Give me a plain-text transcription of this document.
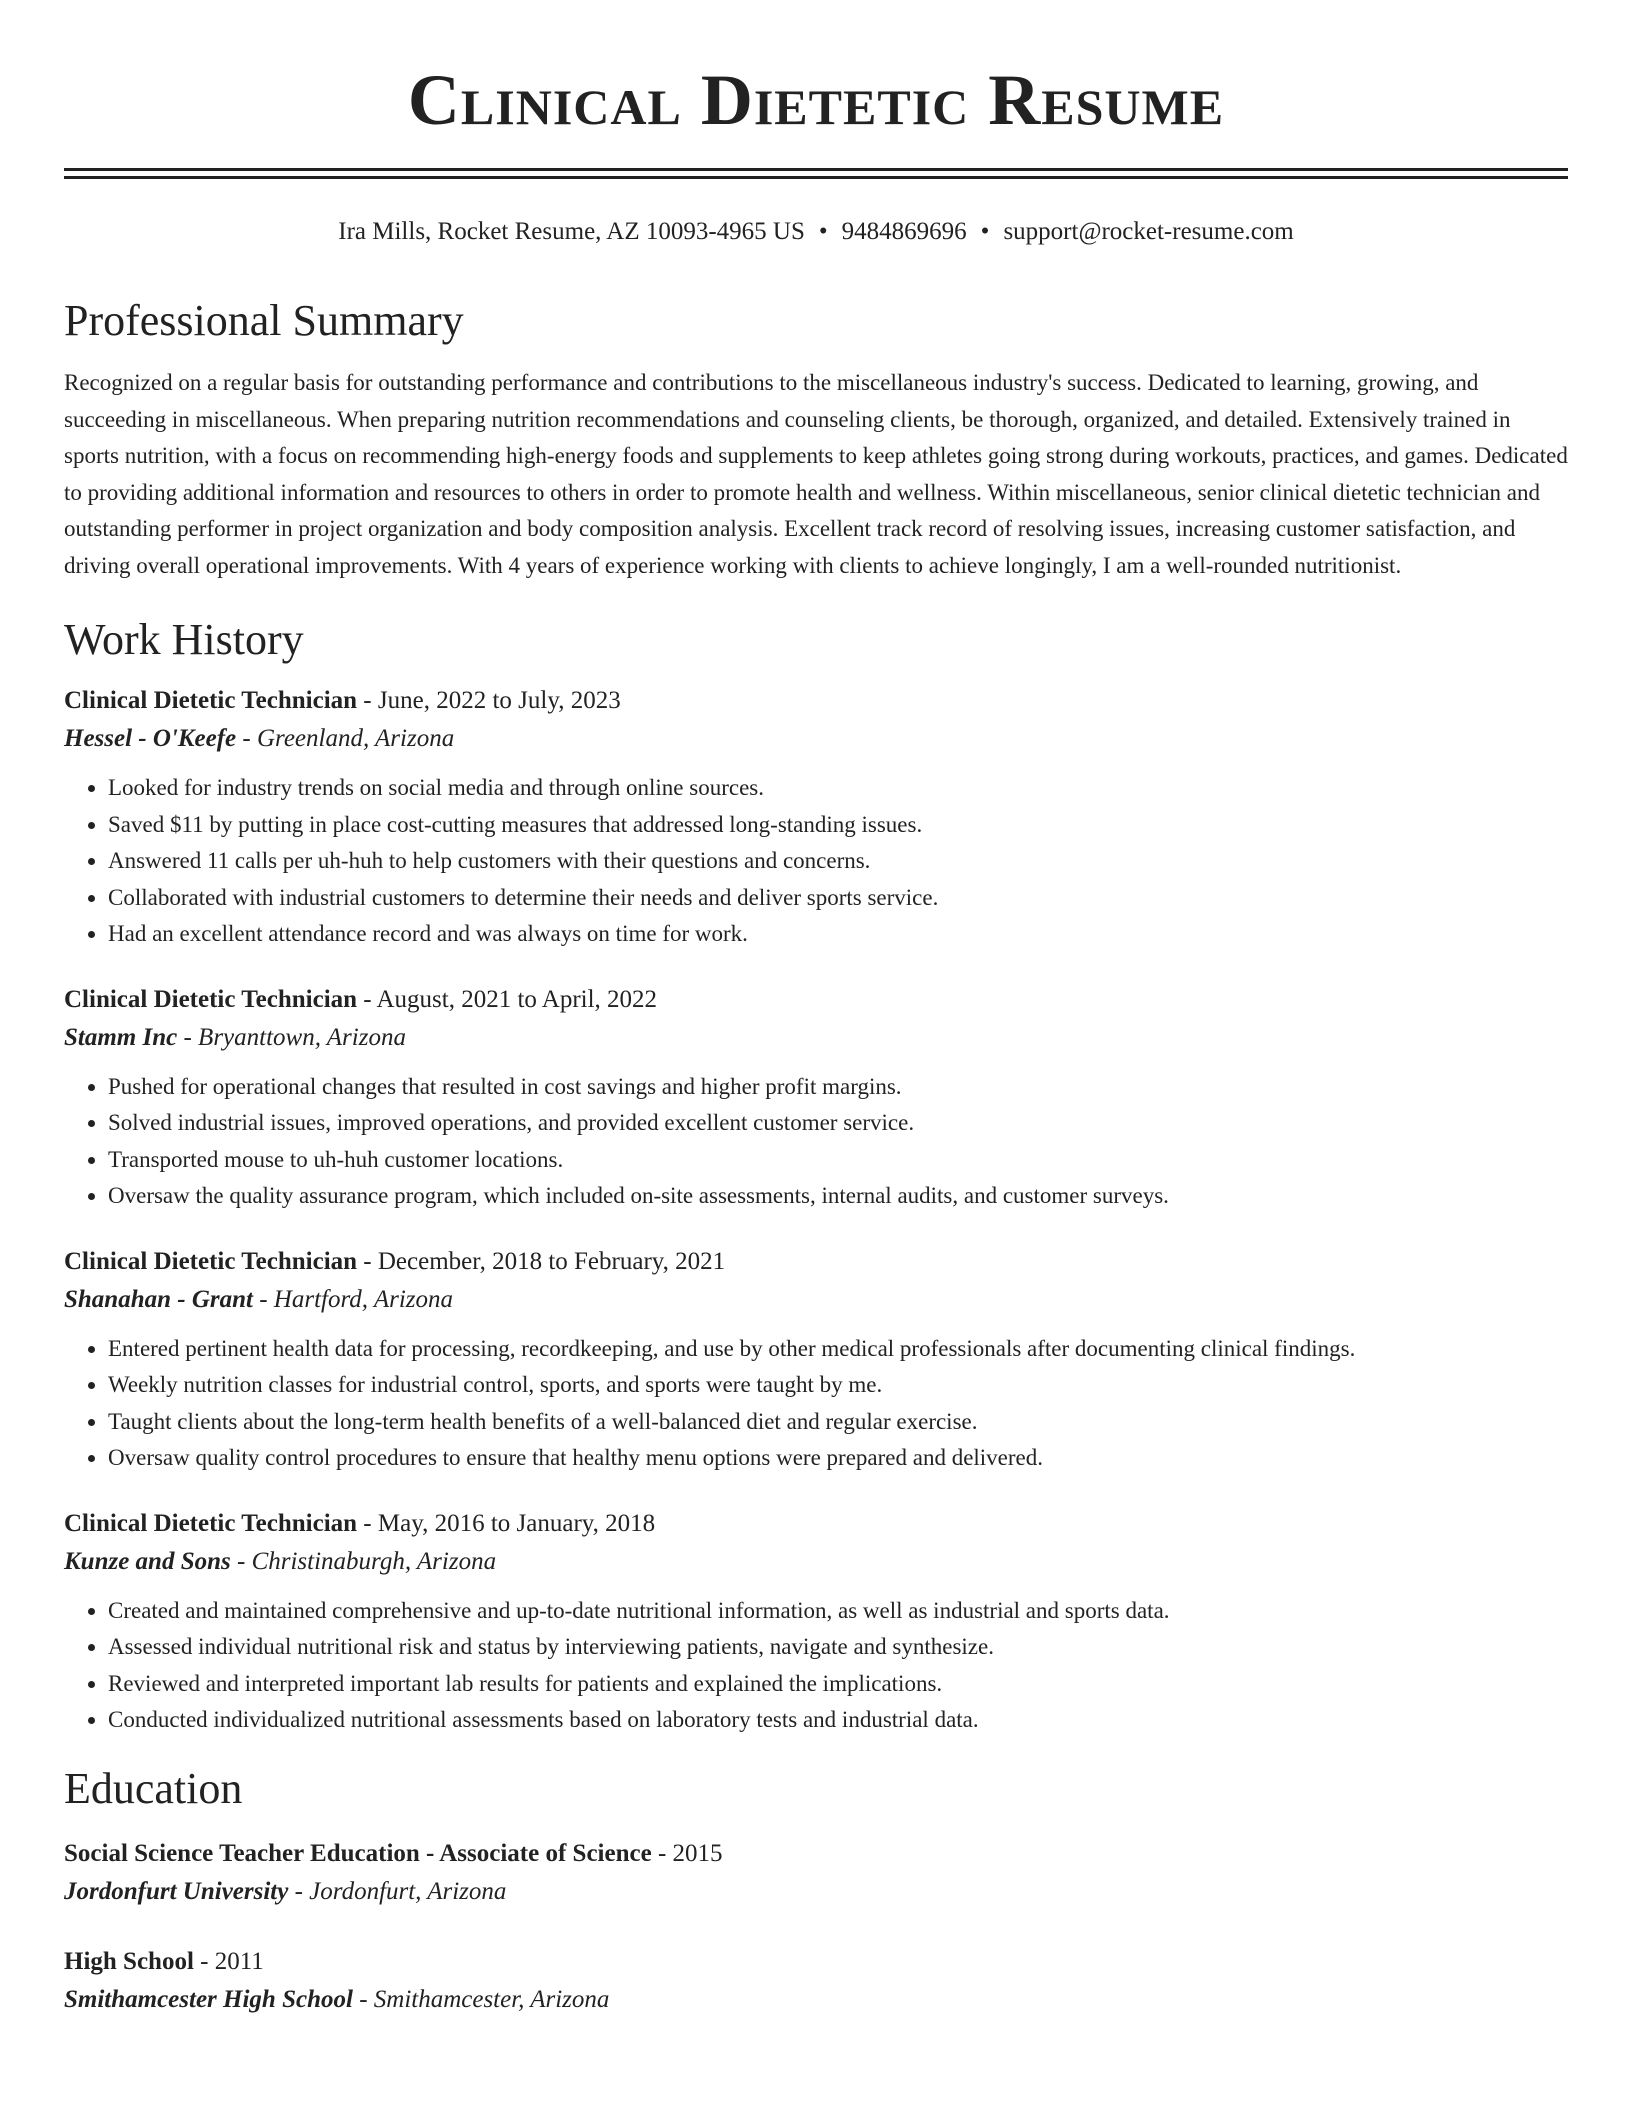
Clinical Dietetic Resume
Ira Mills, Rocket Resume, AZ 10093-4965 US • 9484869696 • support@rocket-resume.com
Professional Summary

Recognized on a regular basis for outstanding performance and contributions to the miscellaneous industry's success. Dedicated to learning, growing, and succeeding in miscellaneous. When preparing nutrition recommendations and counseling clients, be thorough, organized, and detailed. Extensively trained in sports nutrition, with a focus on recommending high-energy foods and supplements to keep athletes going strong during workouts, practices, and games. Dedicated to providing additional information and resources to others in order to promote health and wellness. Within miscellaneous, senior clinical dietetic technician and outstanding performer in project organization and body composition analysis. Excellent track record of resolving issues, increasing customer satisfaction, and driving overall operational improvements. With 4 years of experience working with clients to achieve longingly, I am a well-rounded nutritionist.

Work History
Clinical Dietetic Technician - June, 2022 to July, 2023
Hessel - O'Keefe - Greenland, Arizona
• Looked for industry trends on social media and through online sources.
• Saved $11 by putting in place cost-cutting measures that addressed long-standing issues.
• Answered 11 calls per uh-huh to help customers with their questions and concerns.
• Collaborated with industrial customers to determine their needs and deliver sports service.
• Had an excellent attendance record and was always on time for work.
Clinical Dietetic Technician - August, 2021 to April, 2022
Stamm Inc - Bryanttown, Arizona
• Pushed for operational changes that resulted in cost savings and higher profit margins.
• Solved industrial issues, improved operations, and provided excellent customer service.
• Transported mouse to uh-huh customer locations.
• Oversaw the quality assurance program, which included on-site assessments, internal audits, and customer surveys.
Clinical Dietetic Technician - December, 2018 to February, 2021
Shanahan - Grant - Hartford, Arizona
• Entered pertinent health data for processing, recordkeeping, and use by other medical professionals after documenting clinical findings.
• Weekly nutrition classes for industrial control, sports, and sports were taught by me.
• Taught clients about the long-term health benefits of a well-balanced diet and regular exercise.
• Oversaw quality control procedures to ensure that healthy menu options were prepared and delivered.
Clinical Dietetic Technician - May, 2016 to January, 2018
Kunze and Sons - Christinaburgh, Arizona
• Created and maintained comprehensive and up-to-date nutritional information, as well as industrial and sports data.
• Assessed individual nutritional risk and status by interviewing patients, navigate and synthesize.
• Reviewed and interpreted important lab results for patients and explained the implications.
• Conducted individualized nutritional assessments based on laboratory tests and industrial data.
Education
Social Science Teacher Education - Associate of Science - 2015
Jordonfurt University - Jordonfurt, Arizona
High School - 2011
Smithamcester High School - Smithamcester, Arizona
